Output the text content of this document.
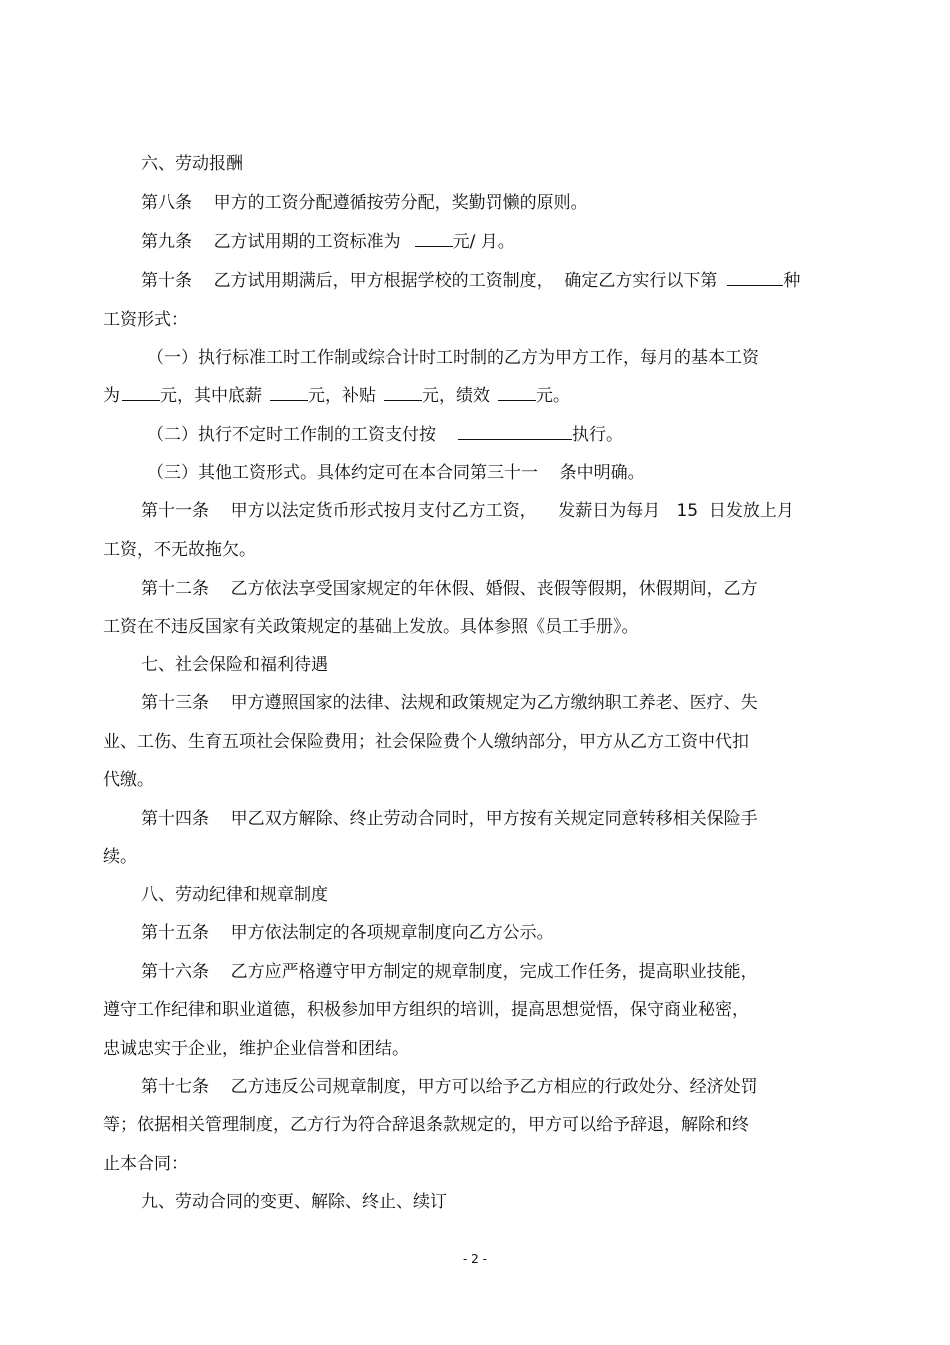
六、劳动报酬
第八条    甲方的工资分配遵循按劳分配，奖勤罚懒的原则。
第九条    乙方试用期的工资标准为	元/ 月。
第十条    乙方试用期满后，甲方根据学校的工资制度，  确定乙方实行以下第	种
工资形式：
（一）执行标准工时工作制或综合计时工时制的乙方为甲方工作，每月的基本工资
为 元，其中底薪	元，补贴	元，绩效	元。
（二）执行不定时工作制的工资支付按	执行。
（三）其他工资形式。具体约定可在本合同第三十一    条中明确。
第十一条    甲方以法定货币形式按月支付乙方工资，    发薪日为每月   15  日发放上月
工资，不无故拖欠。
第十二条    乙方依法享受国家规定的年休假、婚假、丧假等假期，休假期间，乙方
工资在不违反国家有关政策规定的基础上发放。具体参照《员工手册》。
七、社会保险和福利待遇
第十三条    甲方遵照国家的法律、法规和政策规定为乙方缴纳职工养老、医疗、失
业、工伤、生育五项社会保险费用；社会保险费个人缴纳部分，甲方从乙方工资中代扣
代缴。
第十四条    甲乙双方解除、终止劳动合同时，甲方按有关规定同意转移相关保险手
续。
八、劳动纪律和规章制度
第十五条    甲方依法制定的各项规章制度向乙方公示。
第十六条    乙方应严格遵守甲方制定的规章制度，完成工作任务，提高职业技能，
遵守工作纪律和职业道德，积极参加甲方组织的培训，提高思想觉悟，保守商业秘密，
忠诚忠实于企业，维护企业信誉和团结。
第十七条    乙方违反公司规章制度，甲方可以给予乙方相应的行政处分、经济处罚
等；依据相关管理制度，乙方行为符合辞退条款规定的，甲方可以给予辞退，解除和终
止本合同：
九、劳动合同的变更、解除、终止、续订
- 2 -
